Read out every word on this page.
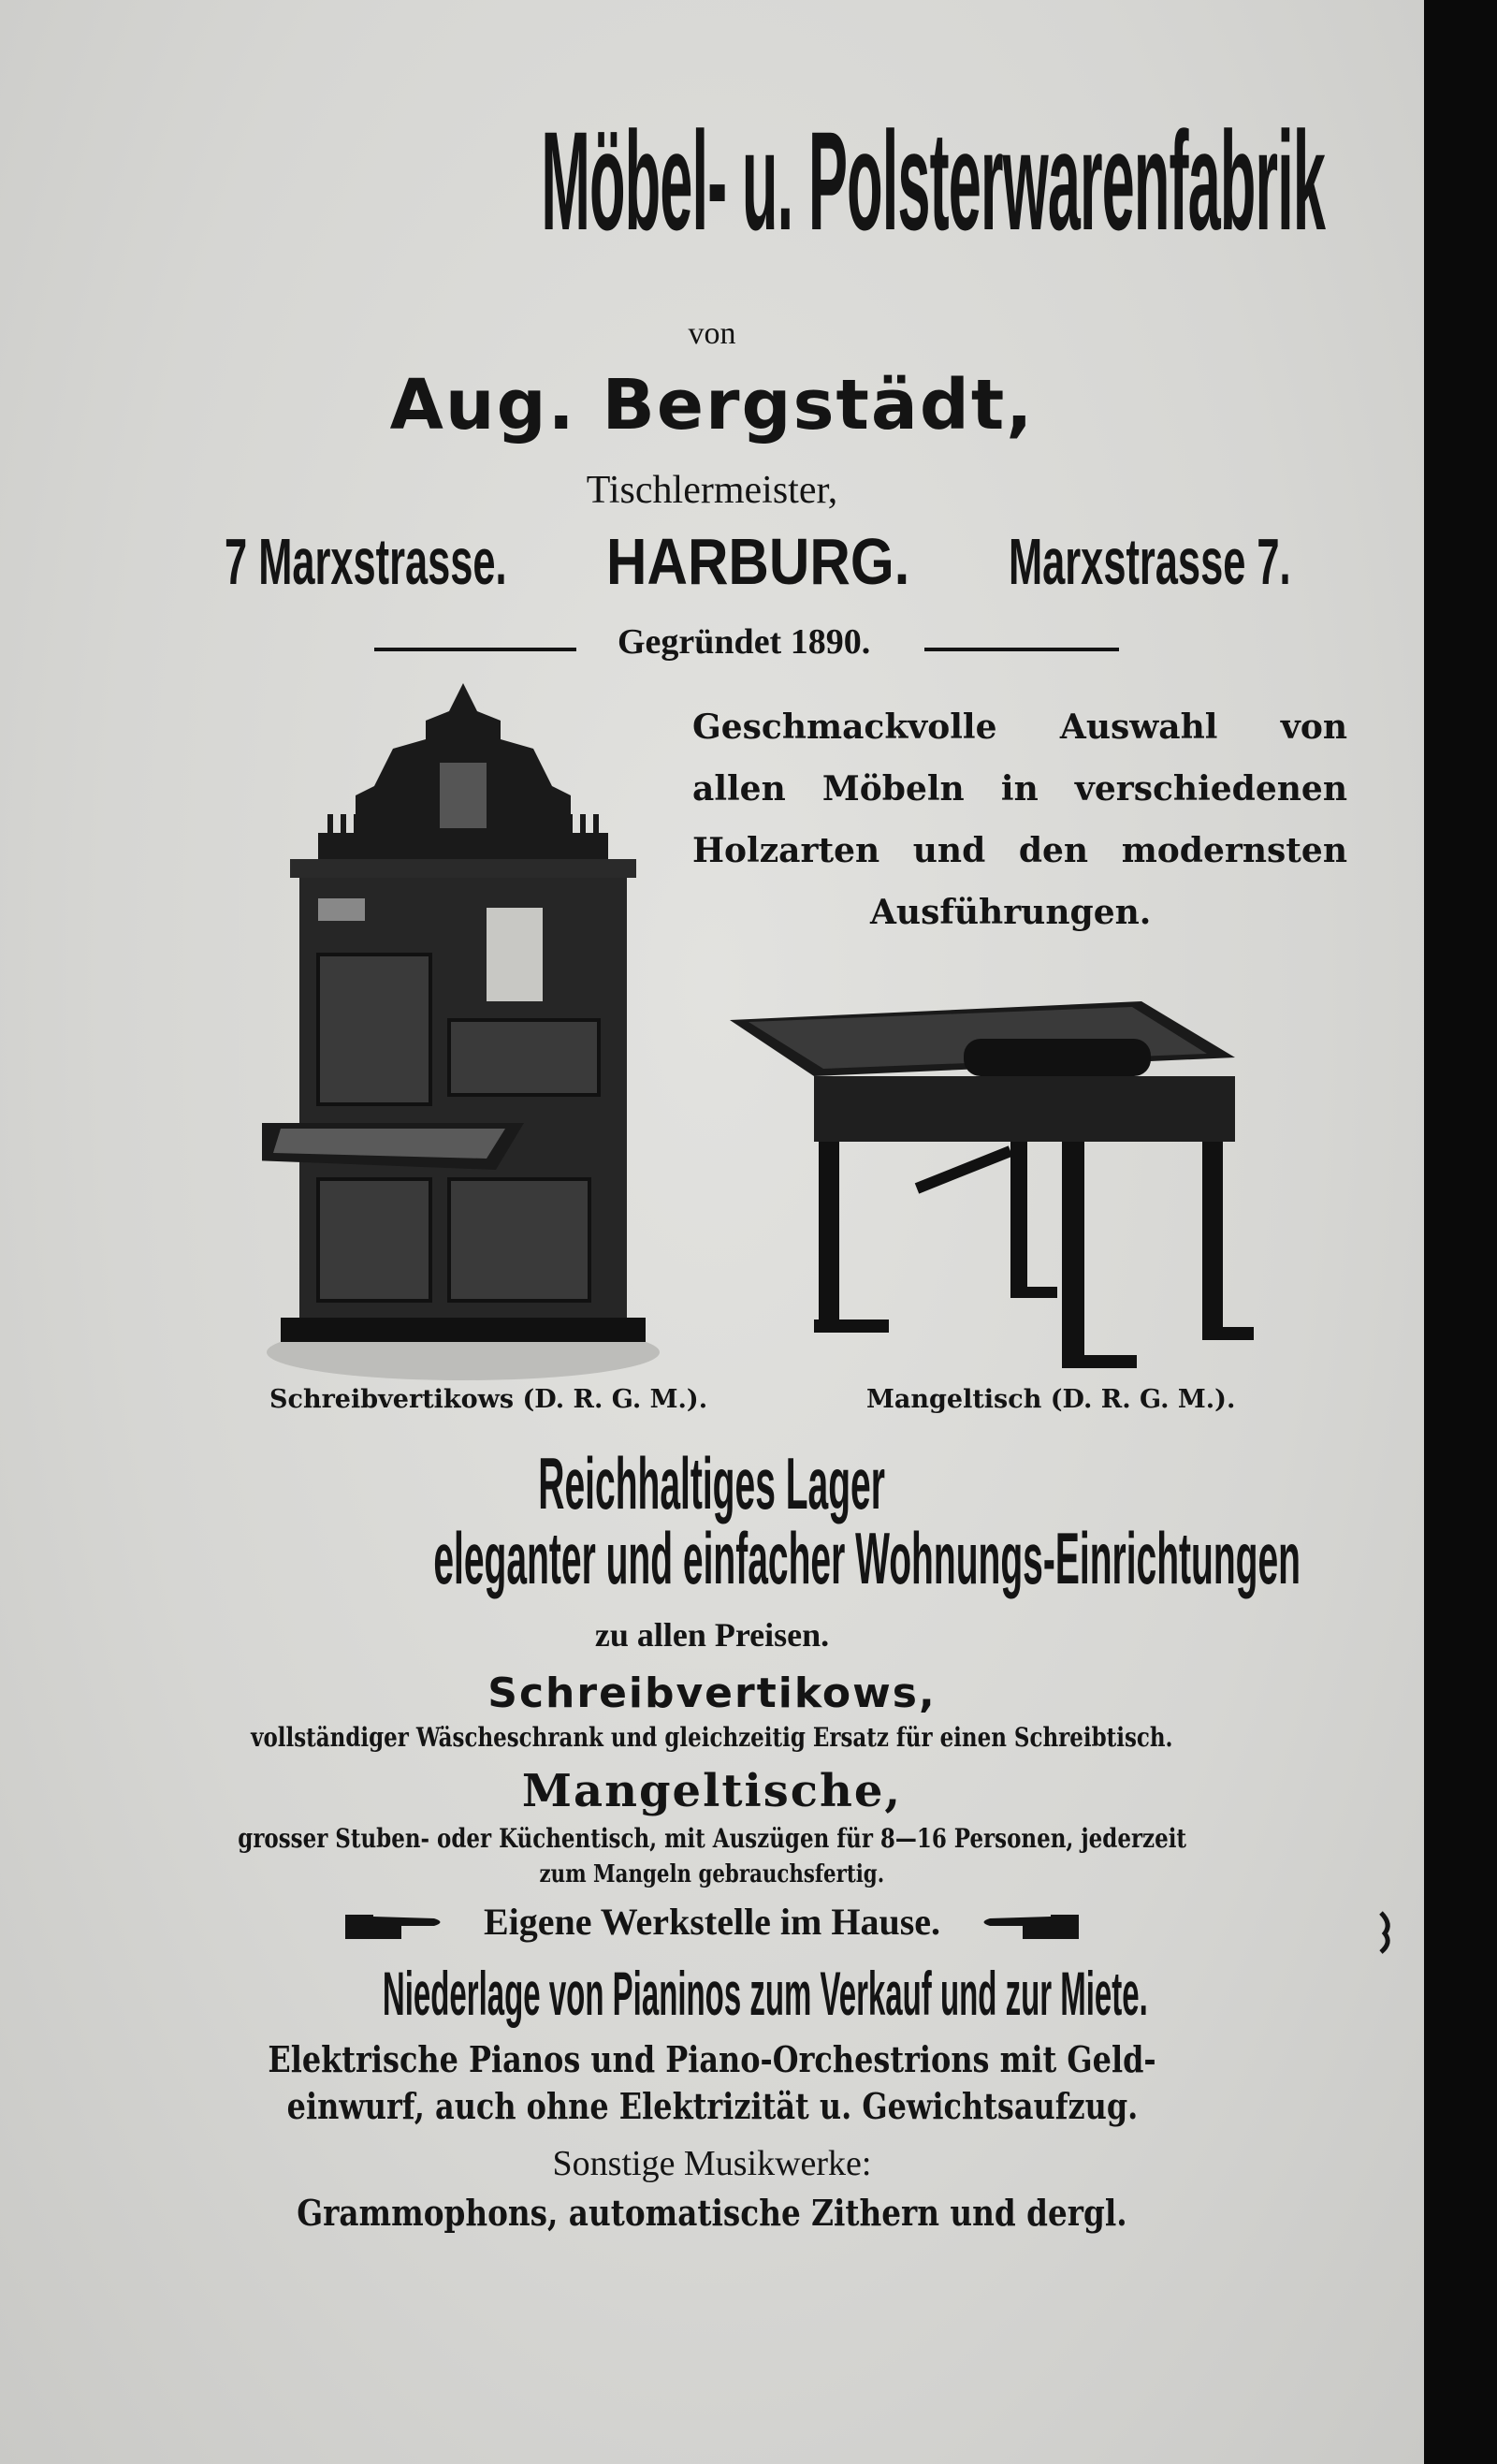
Möbel- u. Polsterwarenfabrik
von
Aug. Bergstädt,
Tischlermeister,
7 Marxstrasse.	HARBURG.	Marxstrasse 7.
Gegründet 1890.
Geschmackvolle Auswahl von
allen Möbeln in verschiedenen
Holzarten und den modernsten
Ausführungen.
Schreibvertikows (D. R. G. M.).	Mangeltisch (D. R. G. M.).
Reichhaltiges Lager
eleganter und einfacher Wohnungs-Einrichtungen
zu allen Preisen.
Schreibvertikows,
vollständiger Wäscheschrank und gleichzeitig Ersatz für einen Schreibtisch.
Mangeltische,
grosser Stuben- oder Küchentisch, mit Auszügen für 8—16 Personen, jederzeit
zum Mangeln gebrauchsfertig.
Eigene Werkstelle im Hause.
Niederlage von Pianinos zum Verkauf und zur Miete.
Elektrische Pianos und Piano-Orchestrions mit Geld-
einwurf, auch ohne Elektrizität u. Gewichtsaufzug.
Sonstige Musikwerke:
Grammophons, automatische Zithern und dergl.
